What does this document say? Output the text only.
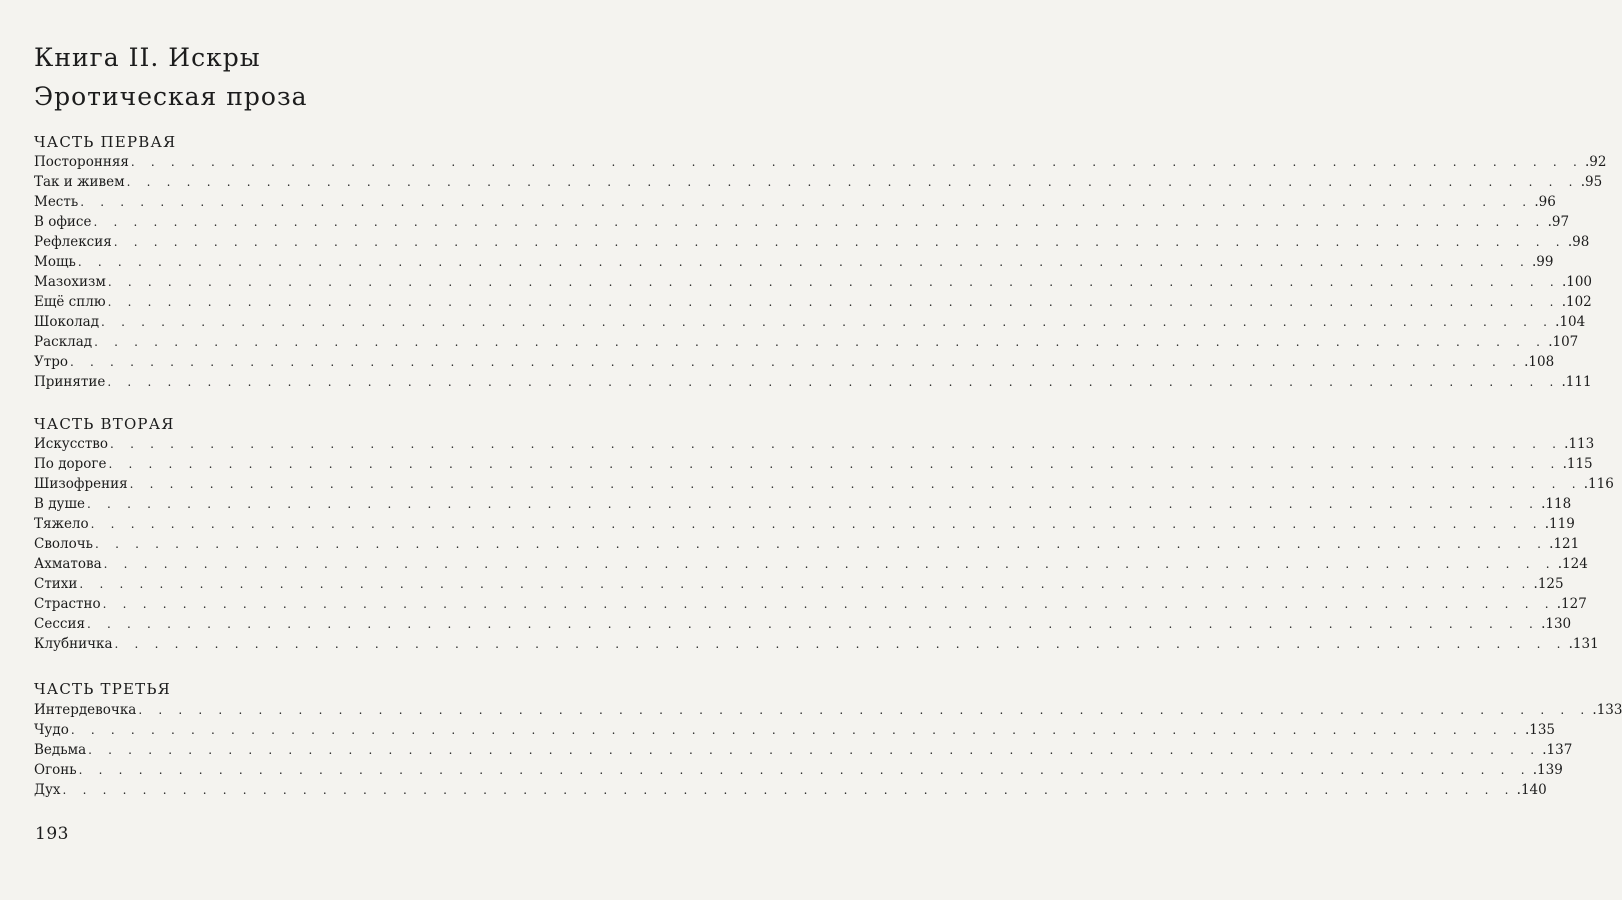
Книга II. Искры
Эротическая проза
ЧАСТЬ ПЕРВАЯ
Посторонняя . . . . . . . . . . . . . . . . . . . . . . . . . . . . . . . . . . . . . . . . . . . . . . . . . . . . . . . . . . . . . . . . . . . . . . . . . .92
Так и живем . . . . . . . . . . . . . . . . . . . . . . . . . . . . . . . . . . . . . . . . . . . . . . . . . . . . . . . . . . . . . . . . . . . . . . . . . .95
Месть . . . . . . . . . . . . . . . . . . . . . . . . . . . . . . . . . . . . . . . . . . . . . . . . . . . . . . . . . . . . . . . . . . . . . . . . . .96
В офисе . . . . . . . . . . . . . . . . . . . . . . . . . . . . . . . . . . . . . . . . . . . . . . . . . . . . . . . . . . . . . . . . . . . . . . . . . .97
Рефлексия . . . . . . . . . . . . . . . . . . . . . . . . . . . . . . . . . . . . . . . . . . . . . . . . . . . . . . . . . . . . . . . . . . . . . . . . . .98
Мощь . . . . . . . . . . . . . . . . . . . . . . . . . . . . . . . . . . . . . . . . . . . . . . . . . . . . . . . . . . . . . . . . . . . . . . . . . .99
Мазохизм . . . . . . . . . . . . . . . . . . . . . . . . . . . . . . . . . . . . . . . . . . . . . . . . . . . . . . . . . . . . . . . . . . . . . . . . . .100
Ещё сплю . . . . . . . . . . . . . . . . . . . . . . . . . . . . . . . . . . . . . . . . . . . . . . . . . . . . . . . . . . . . . . . . . . . . . . . . . .102
Шоколад . . . . . . . . . . . . . . . . . . . . . . . . . . . . . . . . . . . . . . . . . . . . . . . . . . . . . . . . . . . . . . . . . . . . . . . . . .104
Расклад . . . . . . . . . . . . . . . . . . . . . . . . . . . . . . . . . . . . . . . . . . . . . . . . . . . . . . . . . . . . . . . . . . . . . . . . . .107
Утро . . . . . . . . . . . . . . . . . . . . . . . . . . . . . . . . . . . . . . . . . . . . . . . . . . . . . . . . . . . . . . . . . . . . . . . . . .108
Принятие . . . . . . . . . . . . . . . . . . . . . . . . . . . . . . . . . . . . . . . . . . . . . . . . . . . . . . . . . . . . . . . . . . . . . . . . . .111
ЧАСТЬ ВТОРАЯ
Искусство . . . . . . . . . . . . . . . . . . . . . . . . . . . . . . . . . . . . . . . . . . . . . . . . . . . . . . . . . . . . . . . . . . . . . . . . . .113
По дороге . . . . . . . . . . . . . . . . . . . . . . . . . . . . . . . . . . . . . . . . . . . . . . . . . . . . . . . . . . . . . . . . . . . . . . . . . .115
Шизофрения . . . . . . . . . . . . . . . . . . . . . . . . . . . . . . . . . . . . . . . . . . . . . . . . . . . . . . . . . . . . . . . . . . . . . . . . . .116
В душе . . . . . . . . . . . . . . . . . . . . . . . . . . . . . . . . . . . . . . . . . . . . . . . . . . . . . . . . . . . . . . . . . . . . . . . . . .118
Тяжело . . . . . . . . . . . . . . . . . . . . . . . . . . . . . . . . . . . . . . . . . . . . . . . . . . . . . . . . . . . . . . . . . . . . . . . . . .119
Сволочь . . . . . . . . . . . . . . . . . . . . . . . . . . . . . . . . . . . . . . . . . . . . . . . . . . . . . . . . . . . . . . . . . . . . . . . . . .121
Ахматова . . . . . . . . . . . . . . . . . . . . . . . . . . . . . . . . . . . . . . . . . . . . . . . . . . . . . . . . . . . . . . . . . . . . . . . . . .124
Стихи . . . . . . . . . . . . . . . . . . . . . . . . . . . . . . . . . . . . . . . . . . . . . . . . . . . . . . . . . . . . . . . . . . . . . . . . . .125
Страстно . . . . . . . . . . . . . . . . . . . . . . . . . . . . . . . . . . . . . . . . . . . . . . . . . . . . . . . . . . . . . . . . . . . . . . . . . .127
Сессия . . . . . . . . . . . . . . . . . . . . . . . . . . . . . . . . . . . . . . . . . . . . . . . . . . . . . . . . . . . . . . . . . . . . . . . . . .130
Клубничка . . . . . . . . . . . . . . . . . . . . . . . . . . . . . . . . . . . . . . . . . . . . . . . . . . . . . . . . . . . . . . . . . . . . . . . . . .131
ЧАСТЬ ТРЕТЬЯ
Интердевочка . . . . . . . . . . . . . . . . . . . . . . . . . . . . . . . . . . . . . . . . . . . . . . . . . . . . . . . . . . . . . . . . . . . . . . . . . .133
Чудо . . . . . . . . . . . . . . . . . . . . . . . . . . . . . . . . . . . . . . . . . . . . . . . . . . . . . . . . . . . . . . . . . . . . . . . . . .135
Ведьма . . . . . . . . . . . . . . . . . . . . . . . . . . . . . . . . . . . . . . . . . . . . . . . . . . . . . . . . . . . . . . . . . . . . . . . . . .137
Огонь . . . . . . . . . . . . . . . . . . . . . . . . . . . . . . . . . . . . . . . . . . . . . . . . . . . . . . . . . . . . . . . . . . . . . . . . . .139
Дух . . . . . . . . . . . . . . . . . . . . . . . . . . . . . . . . . . . . . . . . . . . . . . . . . . . . . . . . . . . . . . . . . . . . . . . . . .140
193
